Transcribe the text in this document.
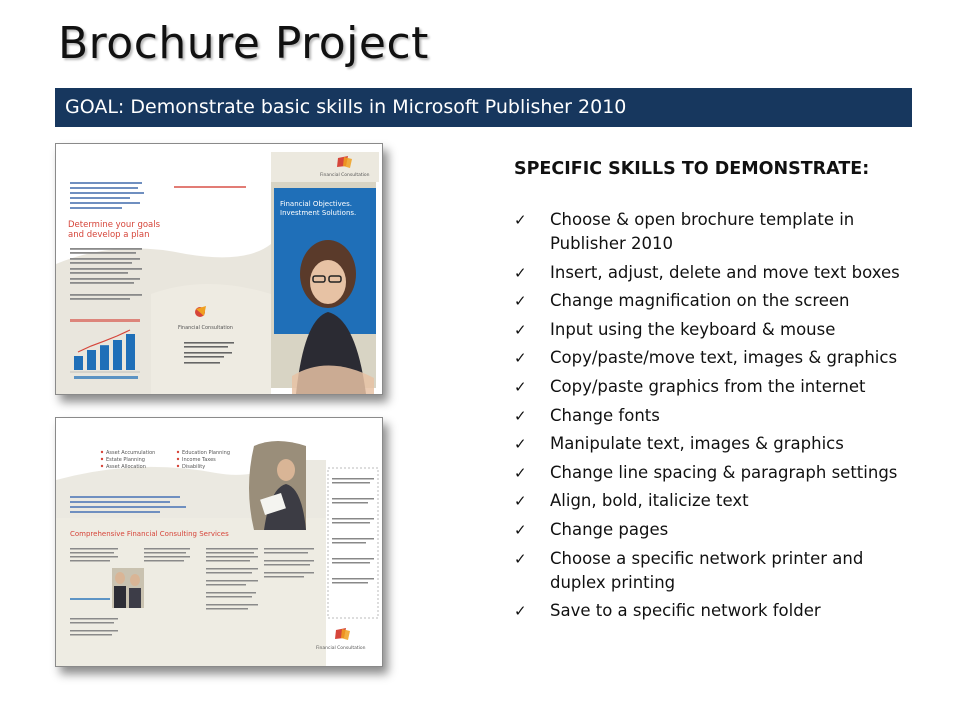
Brochure Project
GOAL: Demonstrate basic skills in Microsoft Publisher 2010
Determine your goals and develop a plan
Financial Consultation
Financial Consultation
Financial Objectives. Investment Solutions.
Asset Accumulation
Estate Planning
Asset Allocation
Education Planning
Income Taxes
Disability
Comprehensive Financial Consulting Services
Financial Consultation
SPECIFIC SKILLS TO DEMONSTRATE:
✓ Choose & open brochure template in Publisher 2010
✓ Insert, adjust, delete and move text boxes
✓ Change magnification on the screen
✓ Input using the keyboard & mouse
✓ Copy/paste/move text, images & graphics
✓ Copy/paste graphics from the internet
✓ Change fonts
✓ Manipulate text, images & graphics
✓ Change line spacing & paragraph settings
✓ Align, bold, italicize text
✓ Change pages
✓ Choose a specific network printer and duplex printing
✓ Save to a specific network folder
